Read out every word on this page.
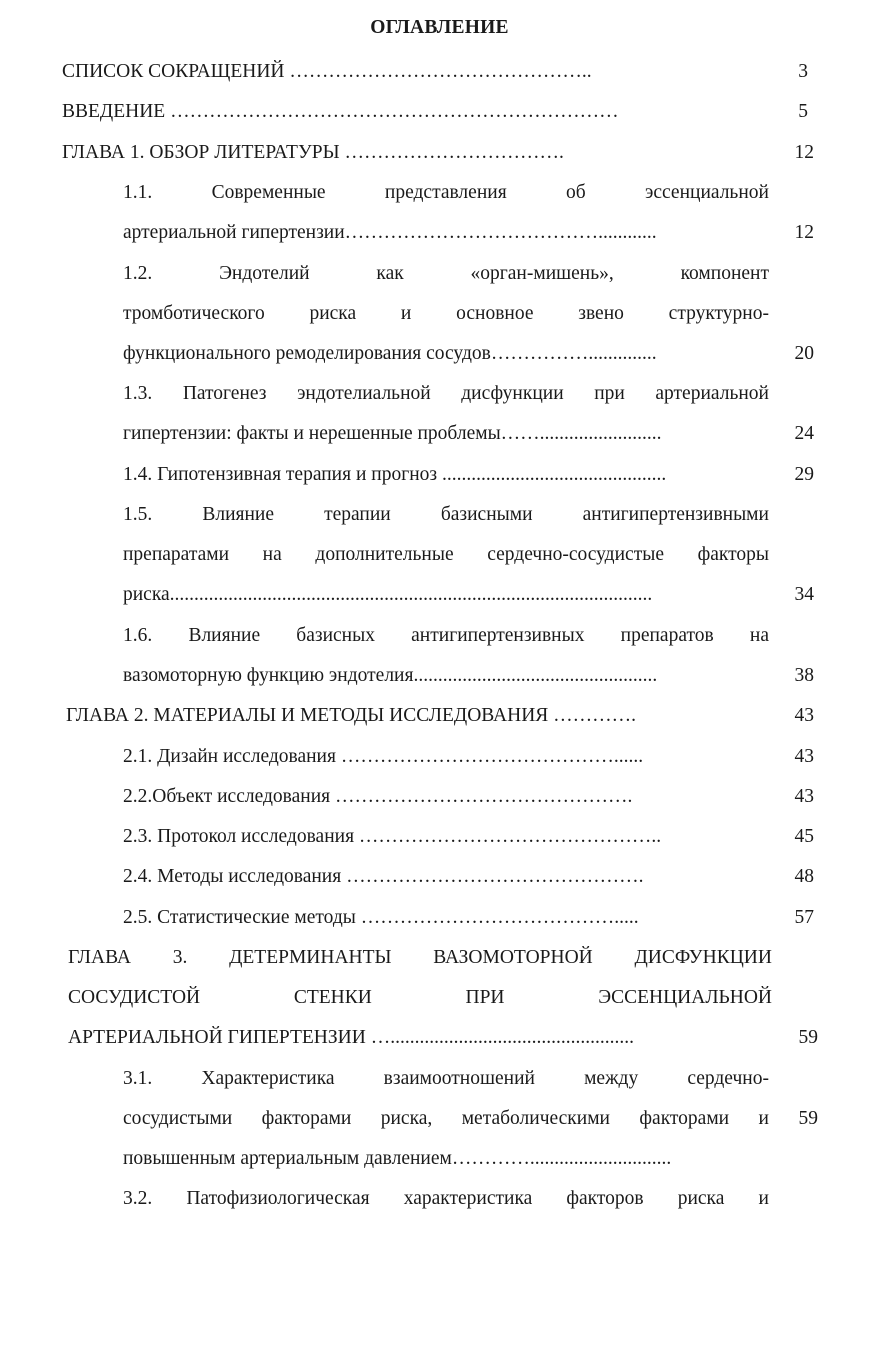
ОГЛАВЛЕНИЕ
СПИСОК СОКРАЩЕНИЙ ………………………………………..	3
ВВЕДЕНИЕ ……………………………………………………………	5
ГЛАВА 1. ОБЗОР ЛИТЕРАТУРЫ …………………………….	12
1.1.	Современные	представления	об	эссенциальной
артериальной гипертензии…………………………………............	12
1.2.	Эндотелий	как	«орган-мишень»,	компонент
тромботического риска и основное звено структурно-
функционального ремоделирования сосудов……………..............	20
1.3. Патогенез эндотелиальной дисфункции при артериальной
гипертензии: факты и нерешенные проблемы…….........................	24
1.4. Гипотензивная терапия и прогноз ..............................................	29
1.5.	Влияние	терапии	базисными	антигипертензивными
препаратами на дополнительные сердечно-сосудистые факторы
риска...................................................................................................	34
1.6. Влияние базисных антигипертензивных препаратов на
вазомоторную функцию эндотелия..................................................	38
ГЛАВА 2. МАТЕРИАЛЫ И МЕТОДЫ ИССЛЕДОВАНИЯ ………….	43
2.1. Дизайн исследования ……………………………………......	43
2.2.Объект исследования ……………………………………….	43
2.3. Протокол исследования ………………………………………..	45
2.4. Методы исследования ……………………………………….	48
2.5. Статистические методы ………………………………….....	57
ГЛАВА 3. ДЕТЕРМИНАНТЫ ВАЗОМОТОРНОЙ ДИСФУНКЦИИ
СОСУДИСТОЙ	СТЕНКИ	ПРИ	ЭССЕНЦИАЛЬНОЙ
АРТЕРИАЛЬНОЙ ГИПЕРТЕНЗИИ …..................................................	59
3.1.	Характеристика	взаимоотношений	между	сердечно-
сосудистыми факторами риска, метаболическими факторами и	59
повышенным артериальным давлением………….............................
3.2. Патофизиологическая характеристика факторов риска и
